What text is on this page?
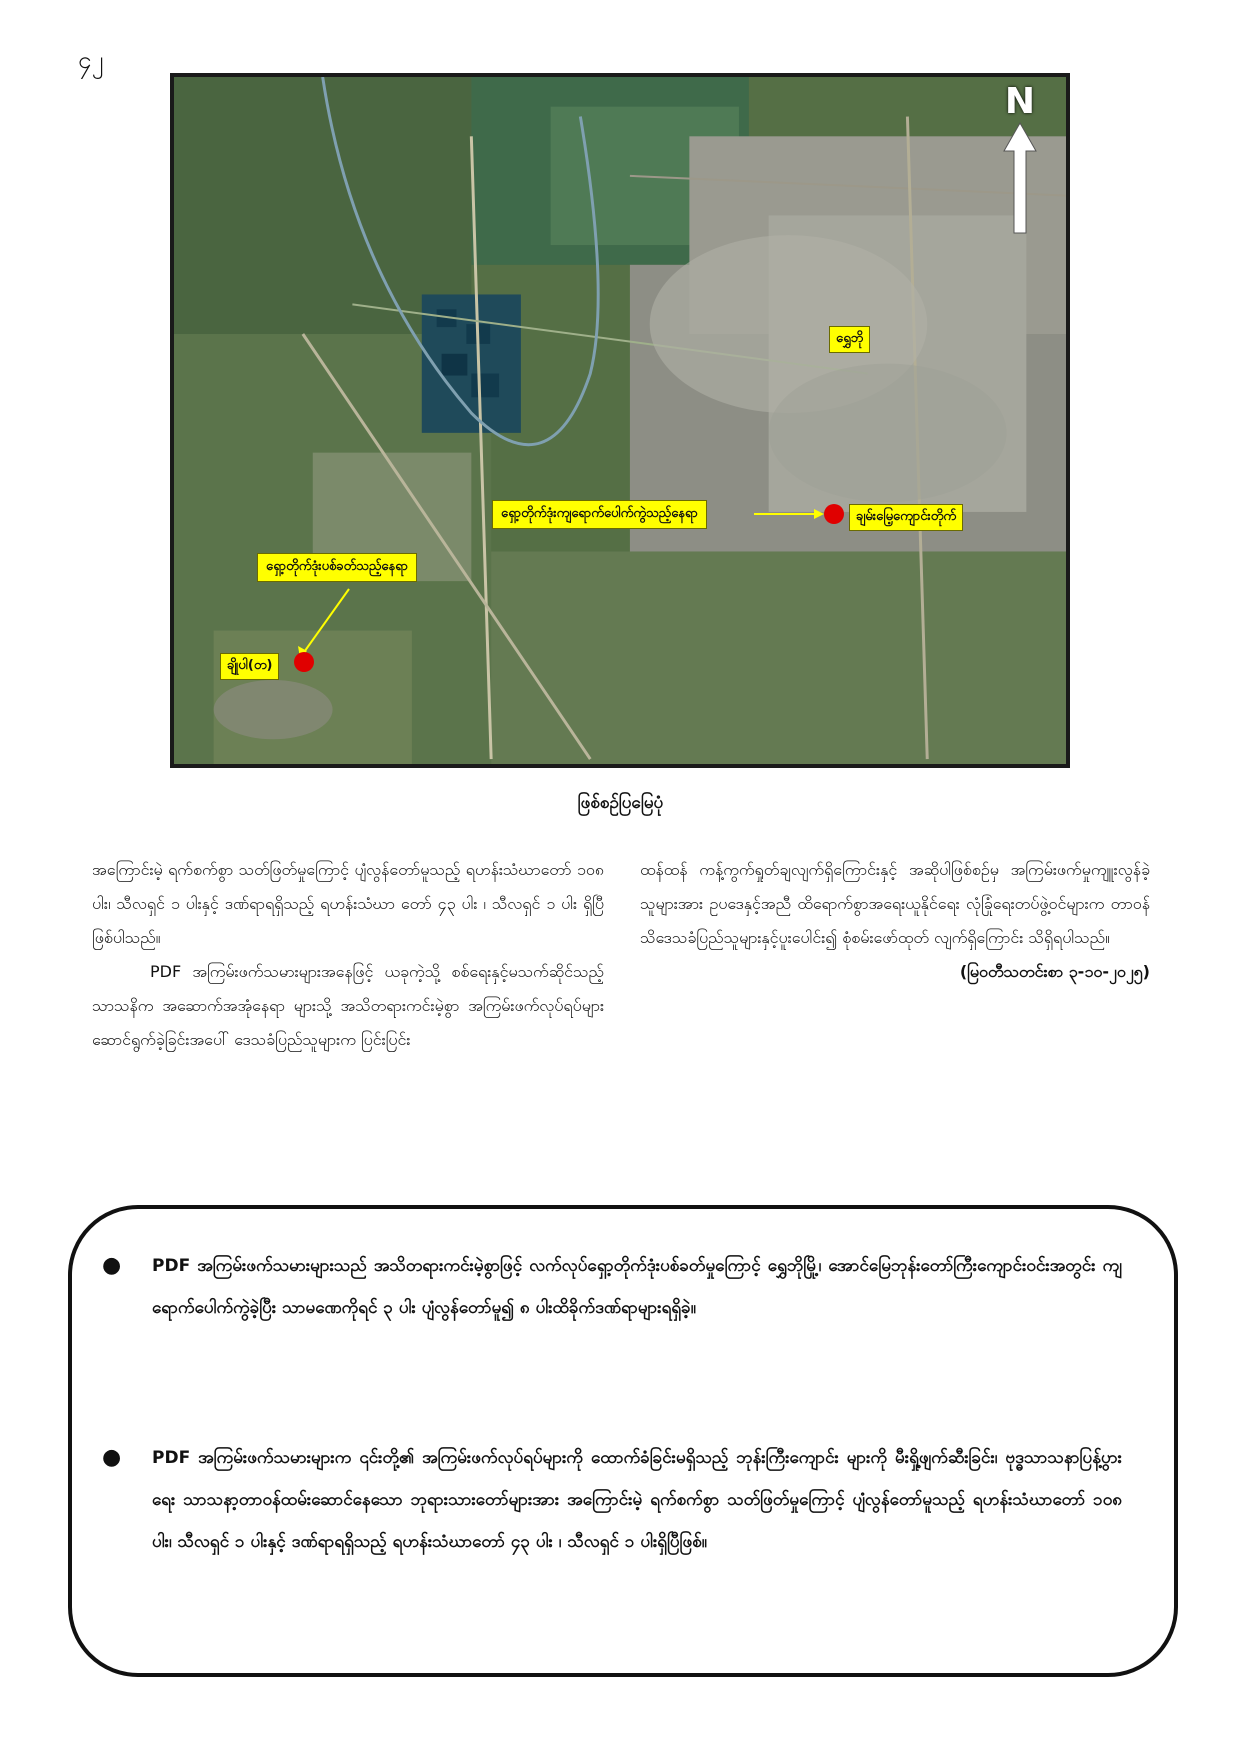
၄၂
N
ရွှေဘို
ရှော့တိုက်ဒုံးကျရောက်ပေါက်ကွဲသည့်နေရာ	ချမ်းမြေ့ကျောင်းတိုက်
ရှော့တိုက်ဒုံးပစ်ခတ်သည့်နေရာ
ချိုပါ(တ)
ဖြစ်စဉ်ပြမြေပုံ

အကြောင်းမဲ့ ရက်စက်စွာ သတ်ဖြတ်မှုကြောင့် ပျံလွန်တော်မူသည့် ရဟန်းသံဃာတော် ၁၀၈ ပါး၊ သီလရှင် ၁ ပါးနှင့် ဒဏ်ရာရရှိသည့် ရဟန်းသံဃာ တော် ၄၃ ပါး ၊ သီလရှင် ၁ ပါး ရှိပြီဖြစ်ပါသည်။

PDF အကြမ်းဖက်သမားများအနေဖြင့် ယခုကဲ့သို့ စစ်ရေးနှင့်မသက်ဆိုင်သည့် သာသနိက အဆောက်အအုံနေရာ များသို့ အသိတရားကင်းမဲ့စွာ အကြမ်းဖက်လုပ်ရပ်များ ဆောင်ရွက်ခဲ့ခြင်းအပေါ် ဒေသခံပြည်သူများက ပြင်းပြင်း

ထန်ထန် ကန့်ကွက်ရှုတ်ချလျက်ရှိကြောင်းနှင့် အဆိုပါဖြစ်စဉ်မှ အကြမ်းဖက်မှုကျူးလွန်ခဲ့သူများအား ဥပဒေနှင့်အညီ ထိရောက်စွာအရေးယူနိုင်ရေး လုံခြုံရေးတပ်ဖွဲ့ဝင်များက တာဝန်သိဒေသခံပြည်သူများနှင့်ပူးပေါင်း၍ စုံစမ်းဖော်ထုတ် လျက်ရှိကြောင်း သိရှိရပါသည်။

(မြဝတီသတင်းစာ ၃-၁၀-၂၀၂၅)

● PDF အကြမ်းဖက်သမားများသည် အသိတရားကင်းမဲ့စွာဖြင့် လက်လုပ်ရှော့တိုက်ဒုံးပစ်ခတ်မှုကြောင့် ရွှေဘိုမြို့၊ အောင်မြေဘုန်းတော်ကြီးကျောင်းဝင်းအတွင်း ကျရောက်ပေါက်ကွဲခဲ့ပြီး သာမဏေကိုရင် ၃ ပါး ပျံလွန်တော်မူ၍ ၈ ပါးထိခိုက်ဒဏ်ရာများရရှိခဲ့။
● PDF အကြမ်းဖက်သမားများက ၎င်းတို့၏ အကြမ်းဖက်လုပ်ရပ်များကို ထောက်ခံခြင်းမရှိသည့် ဘုန်းကြီးကျောင်း များကို မီးရှို့ဖျက်ဆီးခြင်း၊ ဗုဒ္ဓသာသနာပြန့်ပွားရေး သာသနာ့တာဝန်ထမ်းဆောင်နေသော ဘုရားသားတော်များအား အကြောင်းမဲ့ ရက်စက်စွာ သတ်ဖြတ်မှုကြောင့် ပျံလွန်တော်မူသည့် ရဟန်းသံဃာတော် ၁၀၈ ပါး၊ သီလရှင် ၁ ပါးနှင့် ဒဏ်ရာရရှိသည့် ရဟန်းသံဃာတော် ၄၃ ပါး ၊ သီလရှင် ၁ ပါးရှိပြီဖြစ်။
